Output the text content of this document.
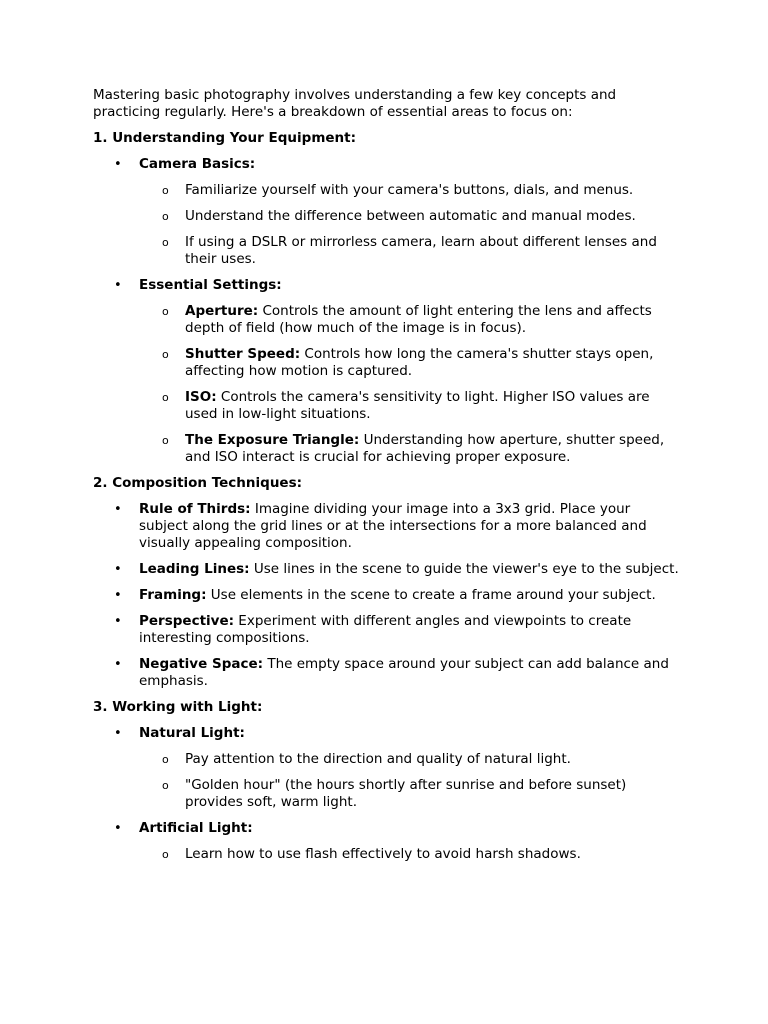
Mastering basic photography involves understanding a few key concepts and practicing regularly. Here's a breakdown of essential areas to focus on:

1. Understanding Your Equipment:
• Camera Basics:
o Familiarize yourself with your camera's buttons, dials, and menus.
o Understand the difference between automatic and manual modes.
o If using a DSLR or mirrorless camera, learn about different lenses and their uses.
• Essential Settings:
o Aperture: Controls the amount of light entering the lens and affects depth of field (how much of the image is in focus).
o Shutter Speed: Controls how long the camera's shutter stays open, affecting how motion is captured.
o ISO: Controls the camera's sensitivity to light. Higher ISO values are used in low-light situations.
o The Exposure Triangle: Understanding how aperture, shutter speed, and ISO interact is crucial for achieving proper exposure.
2. Composition Techniques:
• Rule of Thirds: Imagine dividing your image into a 3x3 grid. Place your subject along the grid lines or at the intersections for a more balanced and visually appealing composition.
• Leading Lines: Use lines in the scene to guide the viewer's eye to the subject.
• Framing: Use elements in the scene to create a frame around your subject.
• Perspective: Experiment with different angles and viewpoints to create interesting compositions.
• Negative Space: The empty space around your subject can add balance and emphasis.
3. Working with Light:
• Natural Light:
o Pay attention to the direction and quality of natural light.
o "Golden hour" (the hours shortly after sunrise and before sunset) provides soft, warm light.
• Artificial Light:
o Learn how to use flash effectively to avoid harsh shadows.
